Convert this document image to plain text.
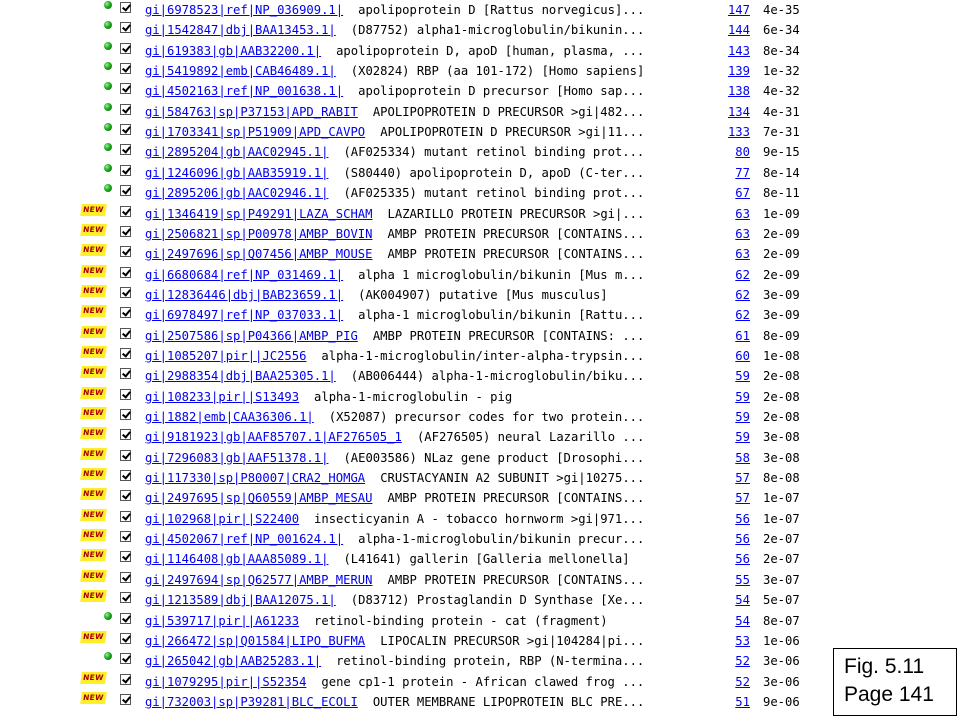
gi|6978523|ref|NP_036909.1| apolipoprotein D [Rattus norvegicus]...	147 4e-35
gi|1542847|dbj|BAA13453.1| (D87752) alpha1-microglobulin/bikunin...	144 6e-34
gi|619383|gb|AAB32200.1| apolipoprotein D, apoD [human, plasma, ...	143 8e-34
gi|5419892|emb|CAB46489.1| (X02824) RBP (aa 101-172) [Homo sapiens]	139 1e-32
gi|4502163|ref|NP_001638.1| apolipoprotein D precursor [Homo sap...	138 4e-32
gi|584763|sp|P37153|APD_RABIT APOLIPOPROTEIN D PRECURSOR >gi|482...	134 4e-31
gi|1703341|sp|P51909|APD_CAVPO APOLIPOPROTEIN D PRECURSOR >gi|11...	133 7e-31
gi|2895204|gb|AAC02945.1| (AF025334) mutant retinol binding prot...	80 9e-15
gi|1246096|gb|AAB35919.1| (S80440) apolipoprotein D, apoD (C-ter...	77 8e-14
gi|2895206|gb|AAC02946.1| (AF025335) mutant retinol binding prot...	67 8e-11
NEW	gi|1346419|sp|P49291|LAZA_SCHAM LAZARILLO PROTEIN PRECURSOR >gi|...	63 1e-09
NEW	gi|2506821|sp|P00978|AMBP_BOVIN AMBP PROTEIN PRECURSOR [CONTAINS...	63 2e-09
NEW	gi|2497696|sp|Q07456|AMBP_MOUSE AMBP PROTEIN PRECURSOR [CONTAINS...	63 2e-09
NEW	gi|6680684|ref|NP_031469.1| alpha 1 microglobulin/bikunin [Mus m...	62 2e-09
NEW	gi|12836446|dbj|BAB23659.1| (AK004907) putative [Mus musculus]	62 3e-09
NEW	gi|6978497|ref|NP_037033.1| alpha-1 microglobulin/bikunin [Rattu...	62 3e-09
NEW	gi|2507586|sp|P04366|AMBP_PIG AMBP PROTEIN PRECURSOR [CONTAINS: ...	61 8e-09
NEW	gi|1085207|pir||JC2556 alpha-1-microglobulin/inter-alpha-trypsin...	60 1e-08
NEW	gi|2988354|dbj|BAA25305.1| (AB006444) alpha-1-microglobulin/biku...	59 2e-08
NEW	gi|108233|pir||S13493 alpha-1-microglobulin - pig	59 2e-08
NEW	gi|1882|emb|CAA36306.1| (X52087) precursor codes for two protein...	59 2e-08
NEW	gi|9181923|gb|AAF85707.1|AF276505_1 (AF276505) neural Lazarillo ...	59 3e-08
NEW	gi|7296083|gb|AAF51378.1| (AE003586) NLaz gene product [Drosophi...	58 3e-08
NEW	gi|117330|sp|P80007|CRA2_HOMGA CRUSTACYANIN A2 SUBUNIT >gi|10275...	57 8e-08
NEW	gi|2497695|sp|Q60559|AMBP_MESAU AMBP PROTEIN PRECURSOR [CONTAINS...	57 1e-07
NEW	gi|102968|pir||S22400 insecticyanin A - tobacco hornworm >gi|971...	56 1e-07
NEW	gi|4502067|ref|NP_001624.1| alpha-1-microglobulin/bikunin precur...	56 2e-07
NEW	gi|1146408|gb|AAA85089.1| (L41641) gallerin [Galleria mellonella]	56 2e-07
NEW	gi|2497694|sp|Q62577|AMBP_MERUN AMBP PROTEIN PRECURSOR [CONTAINS...	55 3e-07
NEW	gi|1213589|dbj|BAA12075.1| (D83712) Prostaglandin D Synthase [Xe...	54 5e-07
gi|539717|pir||A61233 retinol-binding protein - cat (fragment)	54 8e-07
NEW	gi|266472|sp|Q01584|LIPO_BUFMA LIPOCALIN PRECURSOR >gi|104284|pi...	53 1e-06
gi|265042|gb|AAB25283.1| retinol-binding protein, RBP (N-termina...	52 3e-06
NEW	gi|1079295|pir||S52354 gene cp1-1 protein - African clawed frog ...	52 3e-06
NEW	gi|732003|sp|P39281|BLC_ECOLI OUTER MEMBRANE LIPOPROTEIN BLC PRE...	51 9e-06
Fig. 5.11
Page 141
